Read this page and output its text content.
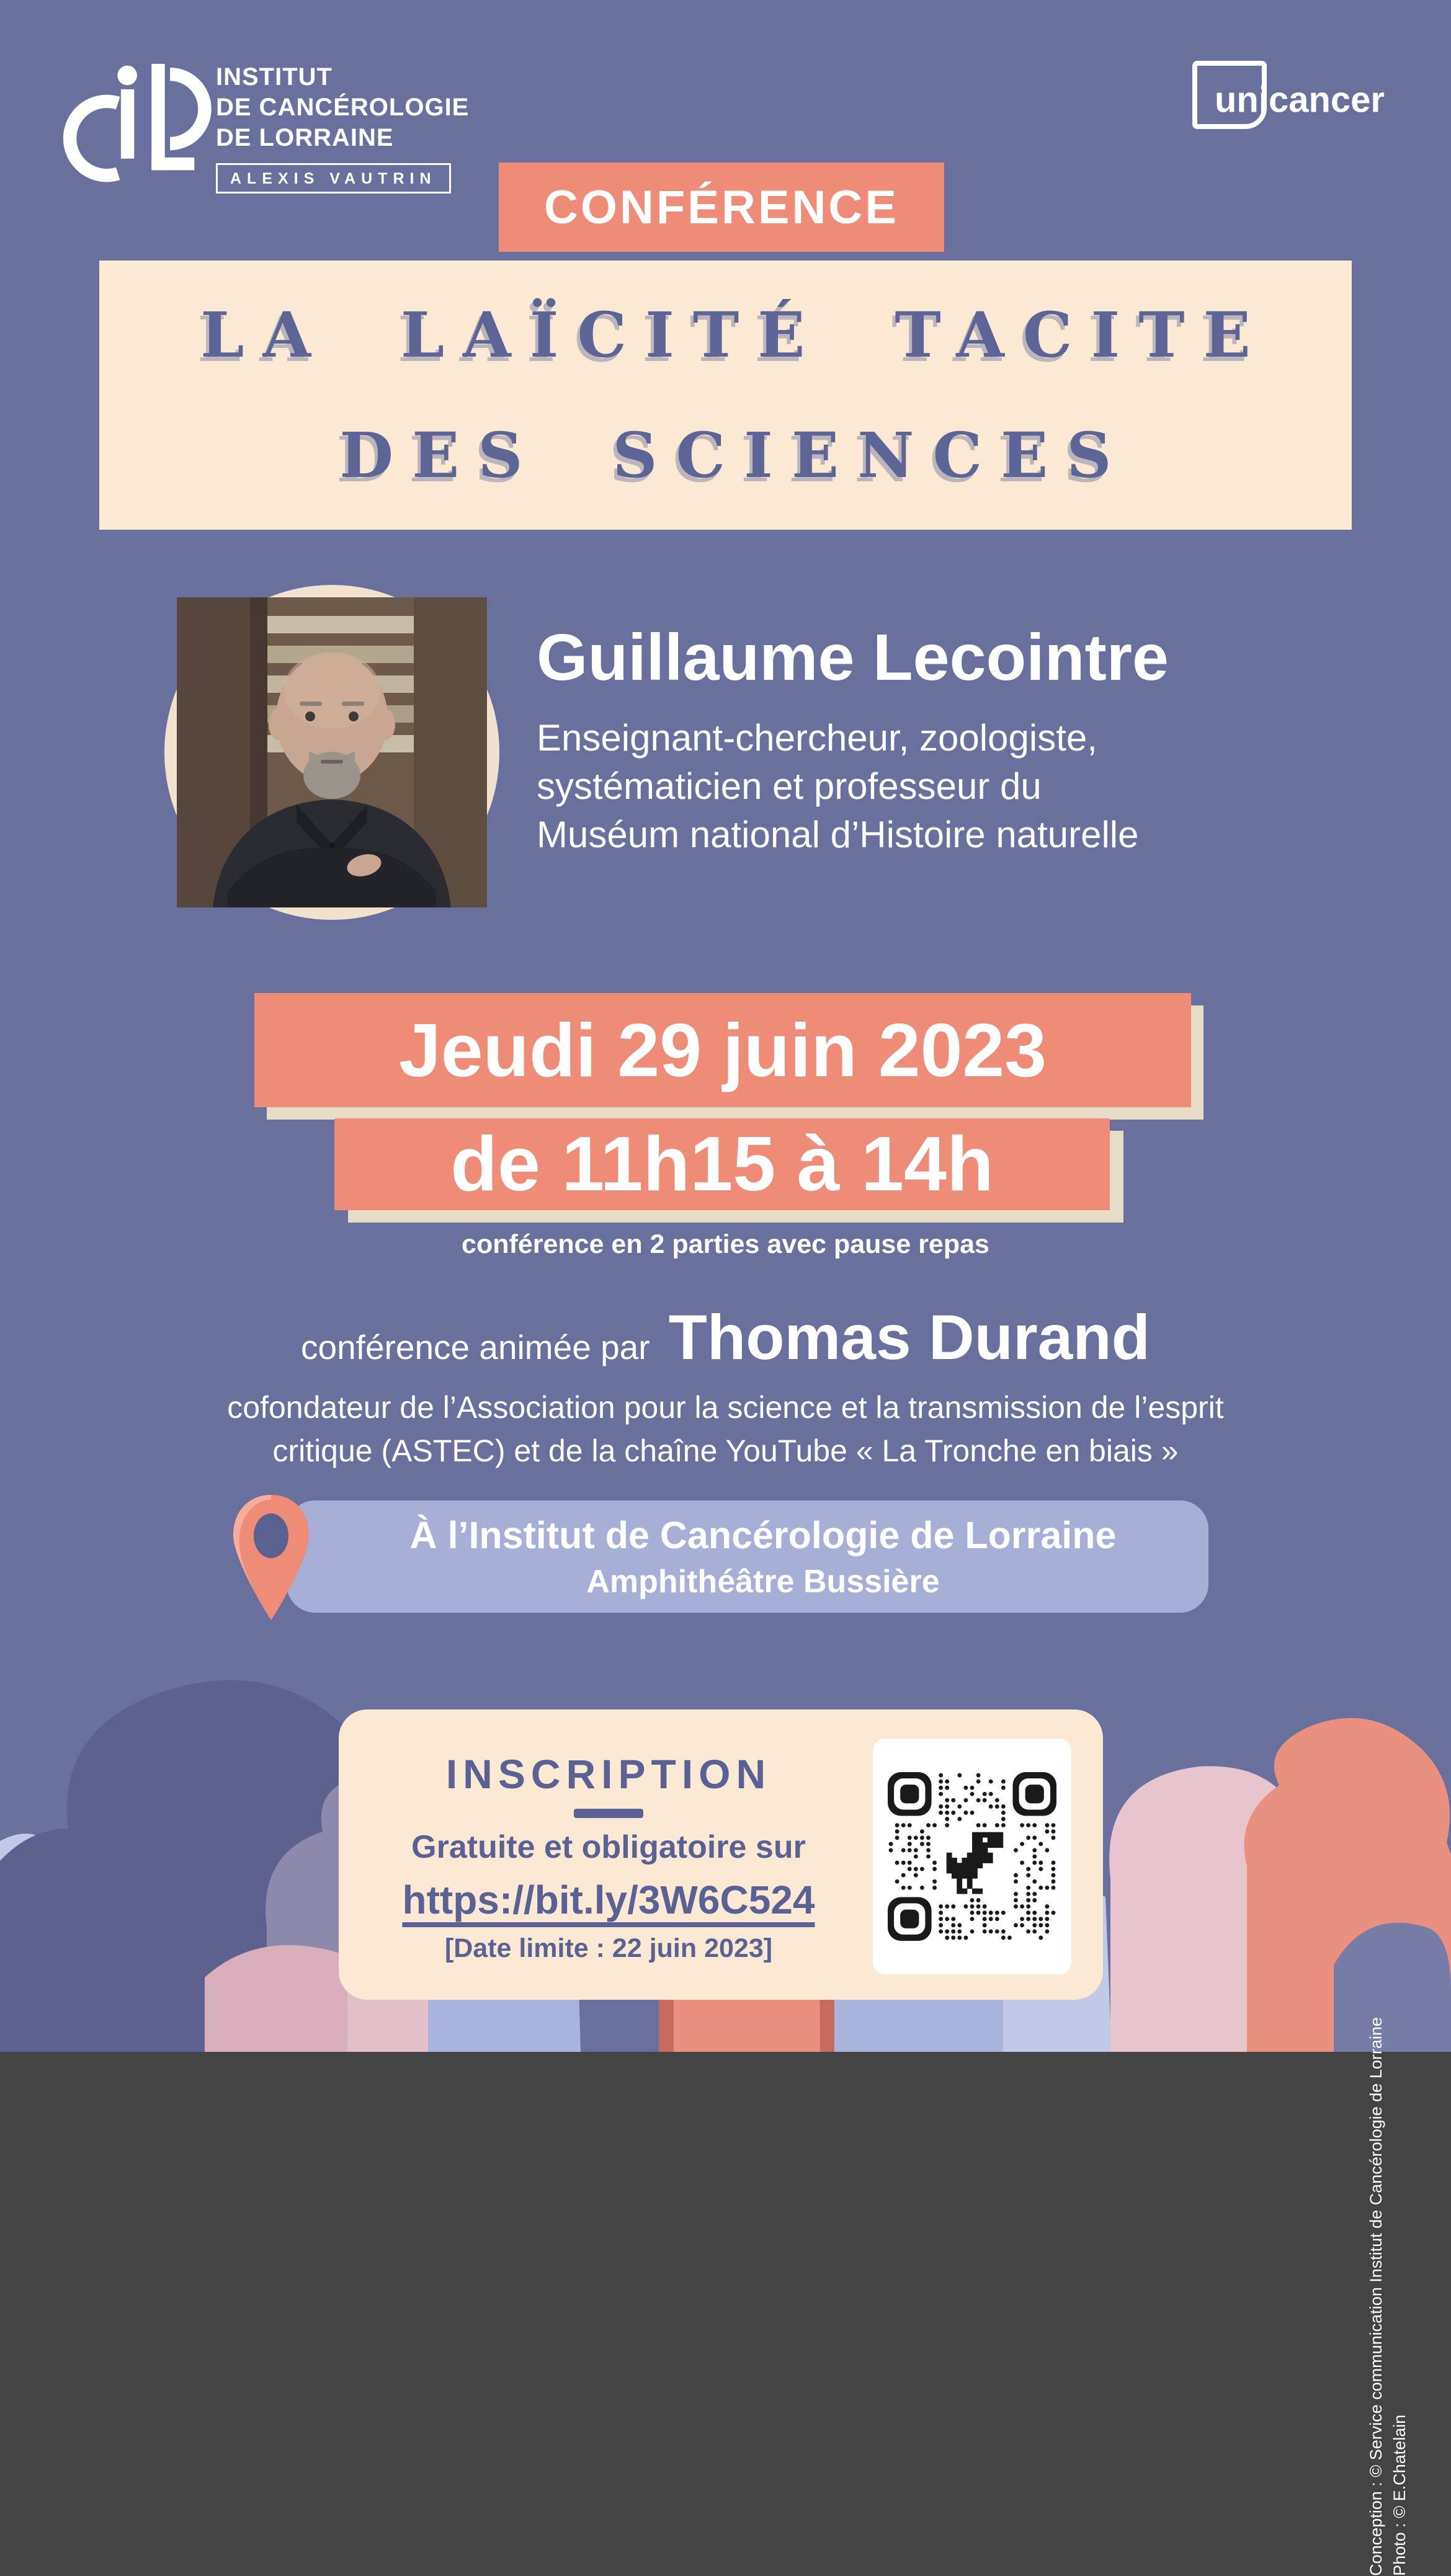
INSTITUT
DE CANCÉROLOGIE
DE LORRAINE
ALEXIS VAUTRIN
unicancer
CONFÉRENCE
LA LAÏCITÉ TACITE
DES SCIENCES
Guillaume Lecointre
Enseignant-chercheur, zoologiste,
systématicien et professeur du
Muséum national d’Histoire naturelle
Jeudi 29 juin 2023
de 11h15 à 14h
conférence en 2 parties avec pause repas
conférence animée par Thomas Durand
cofondateur de l’Association pour la science et la transmission de l’esprit
critique (ASTEC) et de la chaîne YouTube « La Tronche en biais »
À l’Institut de Cancérologie de Lorraine
Amphithéâtre Bussière
INSCRIPTION
Gratuite et obligatoire sur
https://bit.ly/3W6C524
[Date limite : 22 juin 2023]
Conception : © Service communication Institut de Cancérologie de Lorraine Photo : © E.Chatelain
